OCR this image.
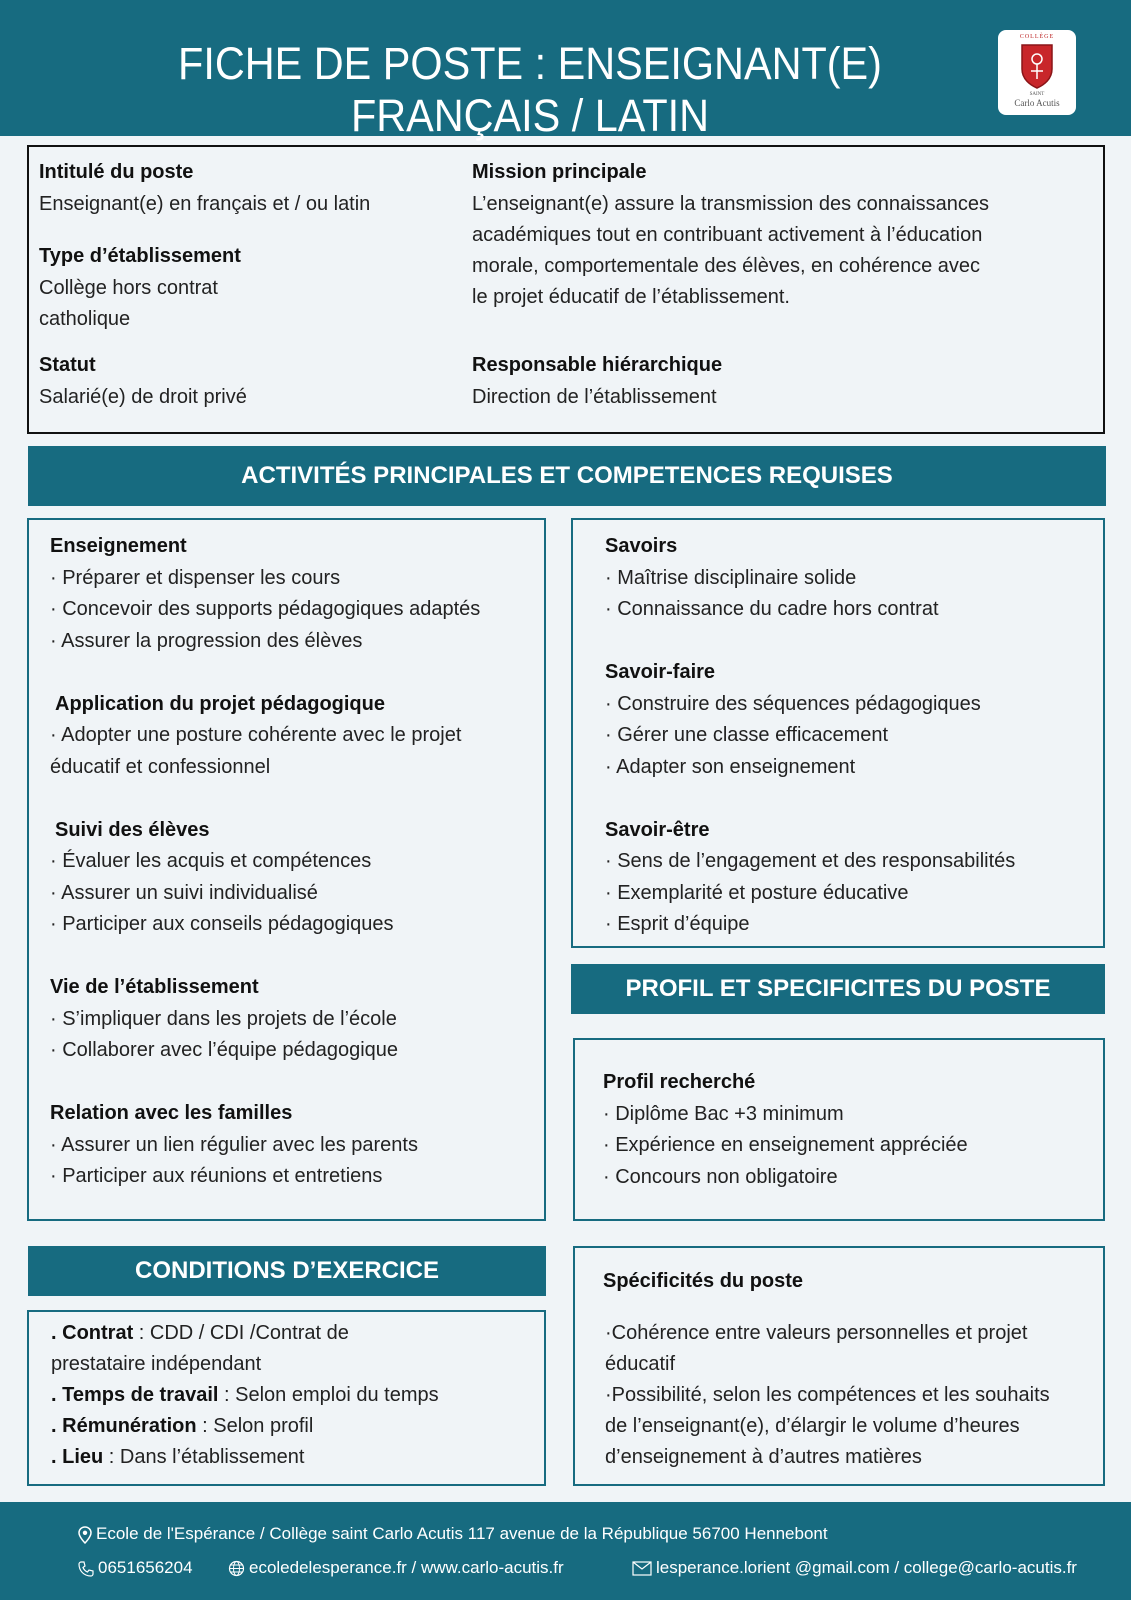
FICHE DE POSTE : ENSEIGNANT(E) FRANÇAIS / LATIN
COLLÈGE
SAINT
Carlo Acutis
Intitulé du poste
Enseignant(e) en français et / ou latin
Type d’établissement
Collège hors contrat
catholique
Statut
Salarié(e) de droit privé
Mission principale
L’enseignant(e) assure la transmission des connaissances
académiques tout en contribuant activement à l’éducation
morale, comportementale des élèves, en cohérence avec
le projet éducatif de l’établissement.
Responsable hiérarchique
Direction de l’établissement
ACTIVITÉS PRINCIPALES ET COMPETENCES REQUISES
Enseignement
· Préparer et dispenser les cours
· Concevoir des supports pédagogiques adaptés
· Assurer la progression des élèves
Application du projet pédagogique
· Adopter une posture cohérente avec le projet
éducatif et confessionnel
Suivi des élèves
· Évaluer les acquis et compétences
· Assurer un suivi individualisé
· Participer aux conseils pédagogiques
Vie de l’établissement
· S’impliquer dans les projets de l’école
· Collaborer avec l’équipe pédagogique
Relation avec les familles
· Assurer un lien régulier avec les parents
· Participer aux réunions et entretiens
Savoirs
· Maîtrise disciplinaire solide
· Connaissance du cadre hors contrat
Savoir-faire
· Construire des séquences pédagogiques
· Gérer une classe efficacement
· Adapter son enseignement
Savoir-être
· Sens de l’engagement et des responsabilités
· Exemplarité et posture éducative
· Esprit d’équipe
PROFIL ET SPECIFICITES DU POSTE
Profil recherché
· Diplôme Bac +3 minimum
· Expérience en enseignement appréciée
· Concours non obligatoire
CONDITIONS D’EXERCICE
. Contrat : CDD / CDI /Contrat de
prestataire indépendant
. Temps de travail : Selon emploi du temps
. Rémunération : Selon profil
. Lieu : Dans l’établissement
Spécificités du poste
·Cohérence entre valeurs personnelles et projet
éducatif
·Possibilité, selon les compétences et les souhaits
de l’enseignant(e), d’élargir le volume d’heures
d’enseignement à d’autres matières
Ecole de l'Espérance / Collège saint Carlo Acutis 117 avenue de la République 56700 Hennebont
0651656204	ecoledelesperance.fr / www.carlo-acutis.fr	lesperance.lorient @gmail.com / college@carlo-acutis.fr
